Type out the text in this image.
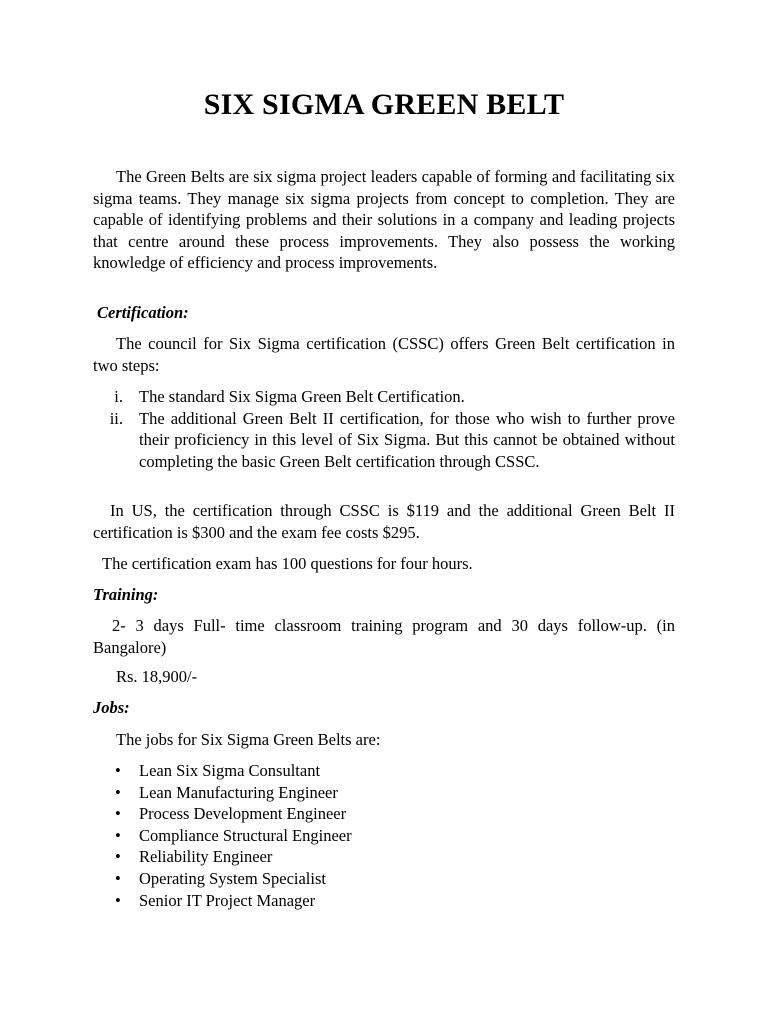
SIX SIGMA GREEN BELT

The Green Belts are six sigma project leaders capable of forming and facilitating six sigma teams. They manage six sigma projects from concept to completion. They are capable of identifying problems and their solutions in a company and leading projects that centre around these process improvements. They also possess the working knowledge of efficiency and process improvements.

Certification:

The council for Six Sigma certification (CSSC) offers Green Belt certification in two steps:

i. The standard Six Sigma Green Belt Certification.
ii. The additional Green Belt II certification, for those who wish to further prove their proficiency in this level of Six Sigma. But this cannot be obtained without completing the basic Green Belt certification through CSSC.

In US, the certification through CSSC is $119 and the additional Green Belt II certification is $300 and the exam fee costs $295.

The certification exam has 100 questions for four hours.

Training:

2- 3 days Full- time classroom training program and 30 days follow-up. (in Bangalore)

Rs. 18,900/-

Jobs:

The jobs for Six Sigma Green Belts are:

• Lean Six Sigma Consultant
• Lean Manufacturing Engineer
• Process Development Engineer
• Compliance Structural Engineer
• Reliability Engineer
• Operating System Specialist
• Senior IT Project Manager
